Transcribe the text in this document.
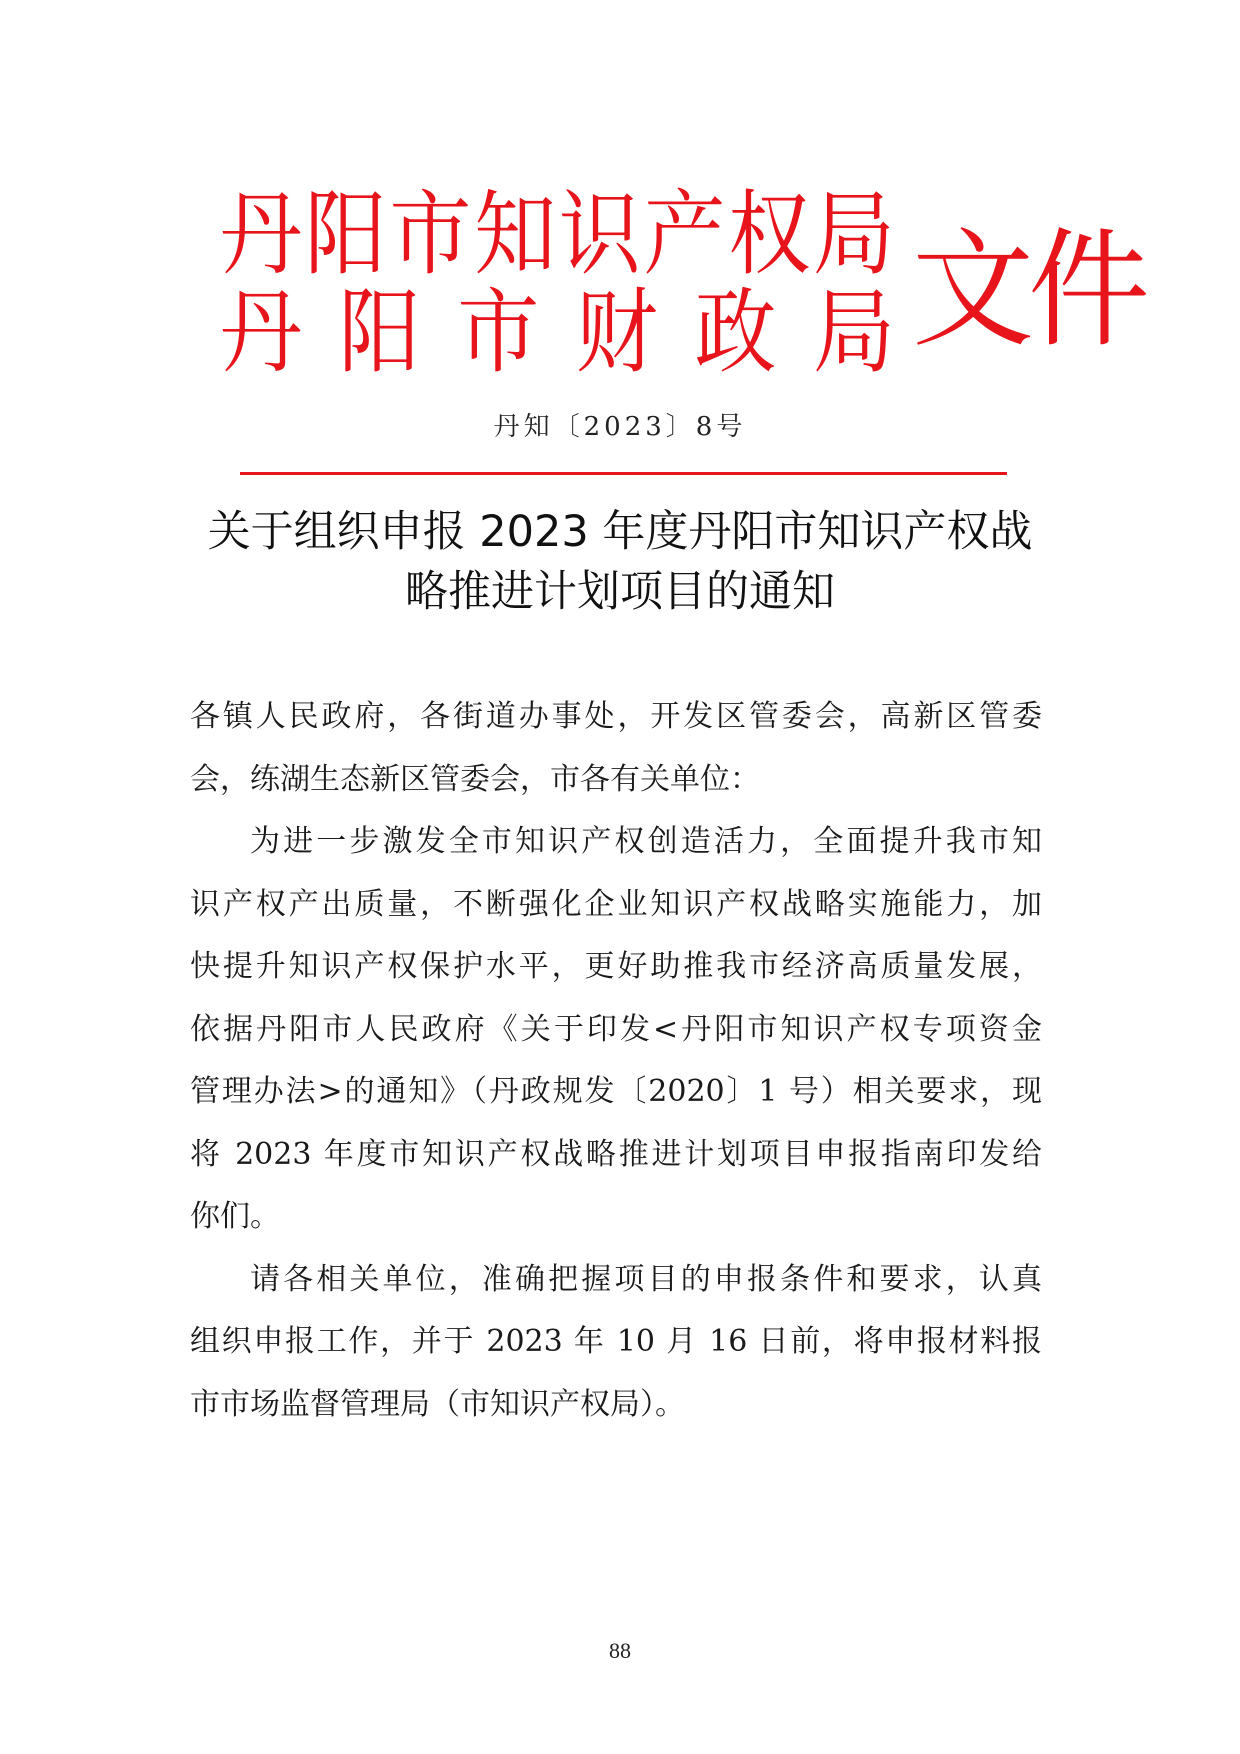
丹 阳 市 知 识 产 权 局
丹 阳 市 财 政 局 文件
丹知〔2023〕8号
关于组织申报 2023 年度丹阳市知识产权战
略推进计划项目的通知
各镇人民政府，各街道办事处，开发区管委会，高新区管委
会，练湖生态新区管委会，市各有关单位：
为进一步激发全市知识产权创造活力，全面提升我市知
识产权产出质量，不断强化企业知识产权战略实施能力，加
快提升知识产权保护水平，更好助推我市经济高质量发展，
依据丹阳市人民政府《关于印发<丹阳市知识产权专项资金
管理办法>的通知》（丹政规发〔2020〕1 号）相关要求，现
将 2023 年度市知识产权战略推进计划项目申报指南印发给
你们。
请各相关单位，准确把握项目的申报条件和要求，认真
组织申报工作，并于 2023 年 10 月 16 日前，将申报材料报
市市场监督管理局（市知识产权局）。
88
